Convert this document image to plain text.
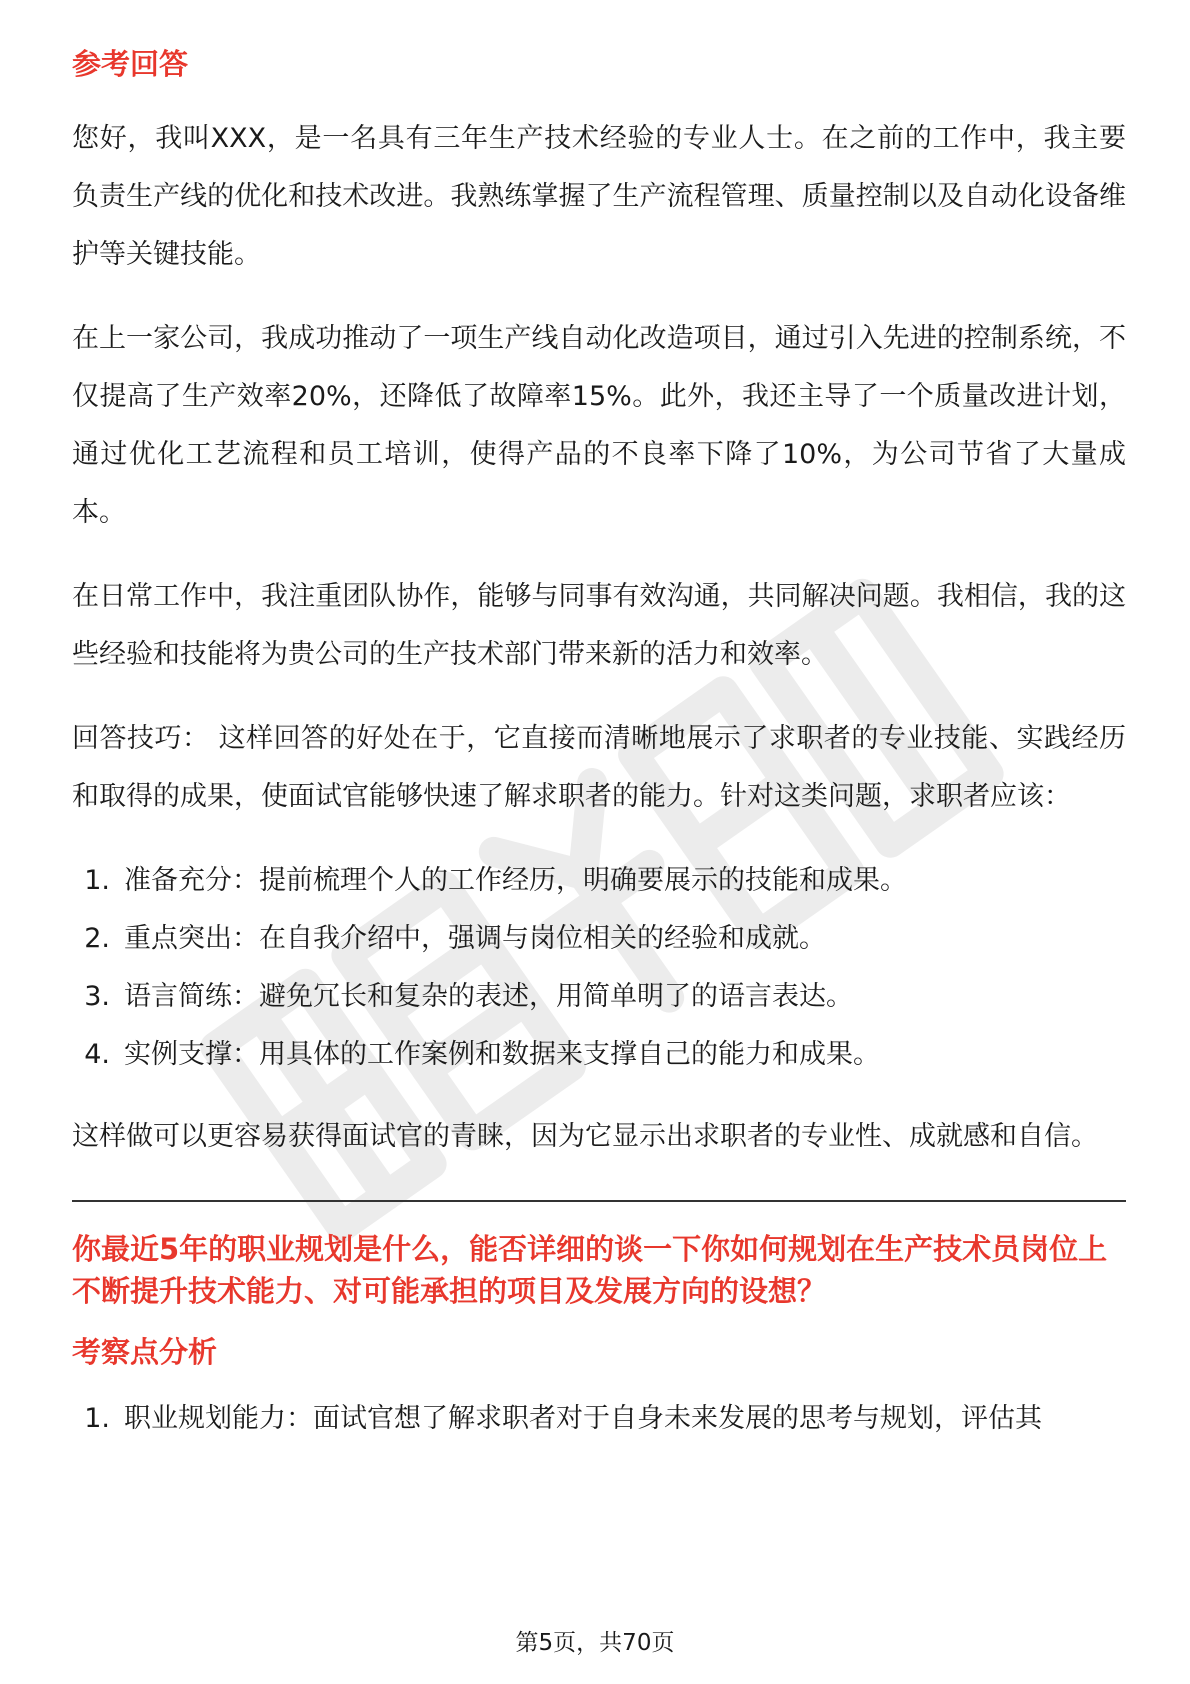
参考回答

您好，我叫XXX，是一名具有三年生产技术经验的专业人士。在之前的工作中，我主要负责生产线的优化和技术改进。我熟练掌握了生产流程管理、质量控制以及自动化设备维护等关键技能。

在上一家公司，我成功推动了一项生产线自动化改造项目，通过引入先进的控制系统，不仅提高了生产效率20%，还降低了故障率15%。此外，我还主导了一个质量改进计划，通过优化工艺流程和员工培训，使得产品的不良率下降了10%，为公司节省了大量成本。

在日常工作中，我注重团队协作，能够与同事有效沟通，共同解决问题。我相信，我的这些经验和技能将为贵公司的生产技术部门带来新的活力和效率。

回答技巧： 这样回答的好处在于，它直接而清晰地展示了求职者的专业技能、实践经历和取得的成果，使面试官能够快速了解求职者的能力。针对这类问题，求职者应该：

1. 准备充分：提前梳理个人的工作经历，明确要展示的技能和成果。
2. 重点突出：在自我介绍中，强调与岗位相关的经验和成就。
3. 语言简练：避免冗长和复杂的表述，用简单明了的语言表达。
4. 实例支撑：用具体的工作案例和数据来支撑自己的能力和成果。

这样做可以更容易获得面试官的青睐，因为它显示出求职者的专业性、成就感和自信。

你最近5年的职业规划是什么，能否详细的谈一下你如何规划在生产技术员岗位上不断提升技术能力、对可能承担的项目及发展方向的设想？
考察点分析
1. 职业规划能力：面试官想了解求职者对于自身未来发展的思考与规划，评估其
第5页，共70页
